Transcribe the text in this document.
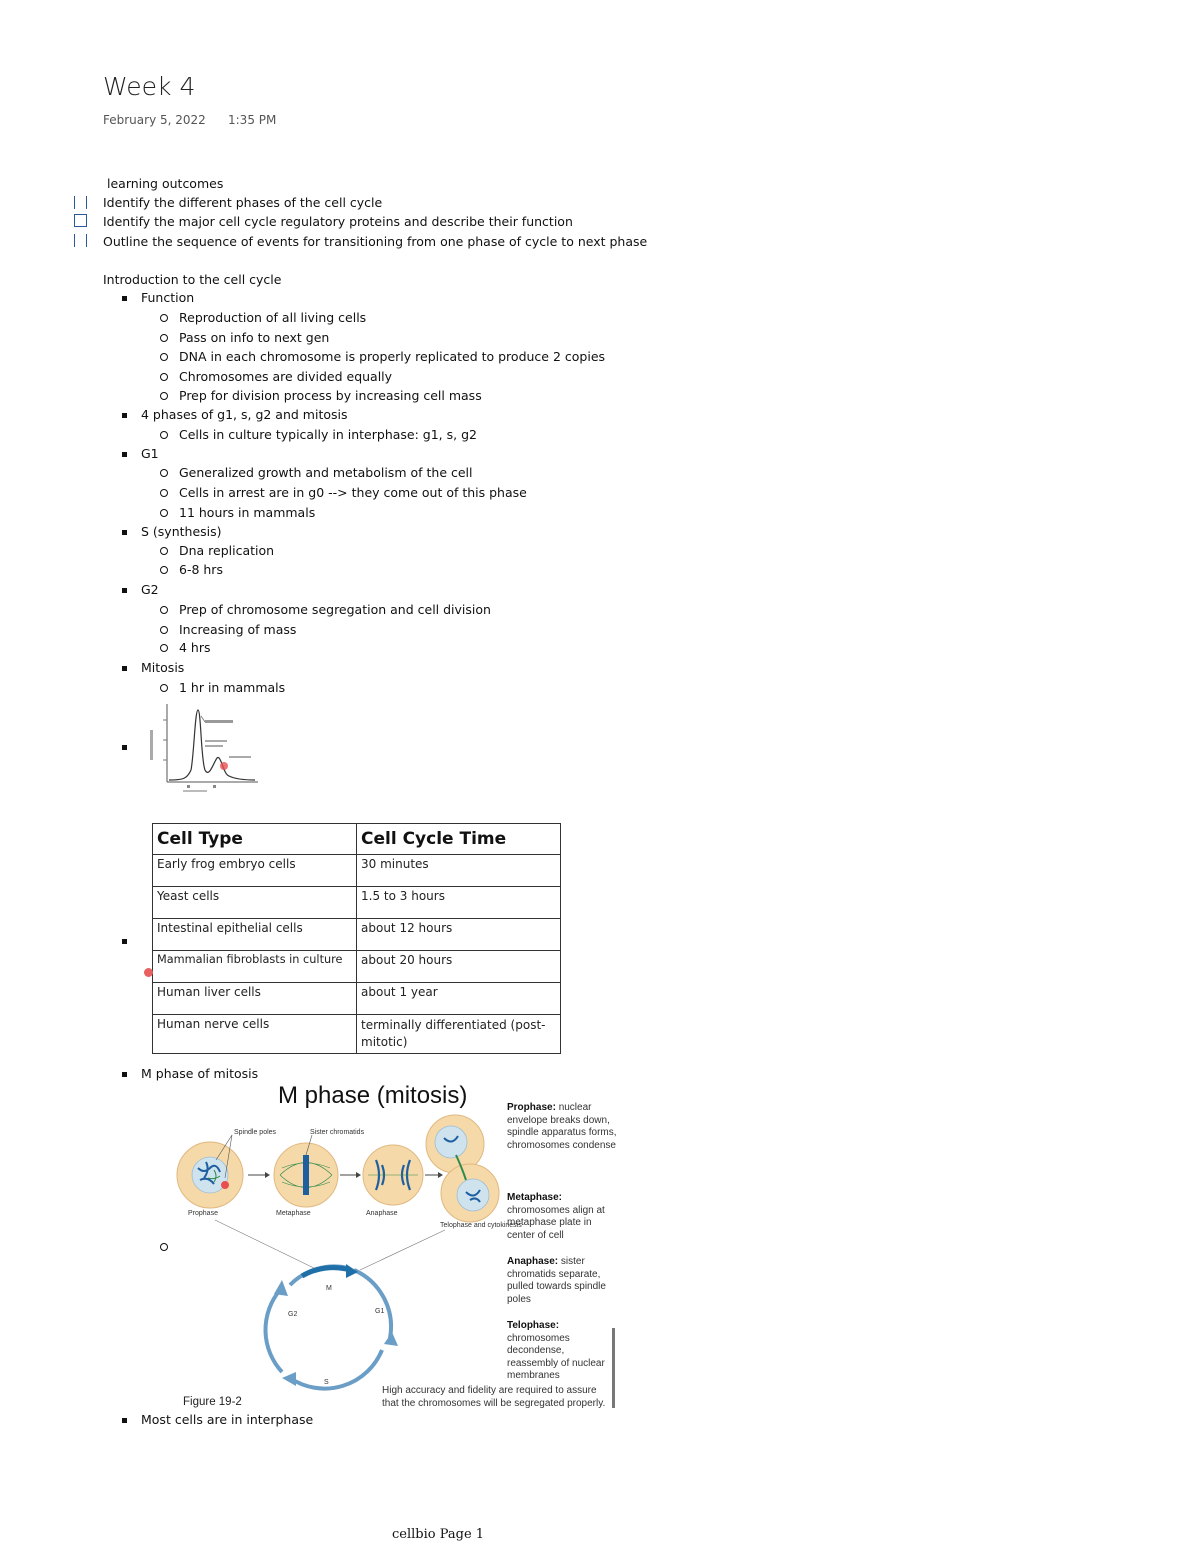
Week 4
February 5, 2022 1:35 PM
learning outcomes
Identify the different phases of the cell cycle
Identify the major cell cycle regulatory proteins and describe their function
Outline the sequence of events for transitioning from one phase of cycle to next phase
Introduction to the cell cycle
Function
Reproduction of all living cells
Pass on info to next gen
DNA in each chromosome is properly replicated to produce 2 copies
Chromosomes are divided equally
Prep for division process by increasing cell mass
4 phases of g1, s, g2 and mitosis
Cells in culture typically in interphase: g1, s, g2
G1
Generalized growth and metabolism of the cell
Cells in arrest are in g0 --> they come out of this phase
11 hours in mammals
S (synthesis)
Dna replication
6-8 hrs
G2
Prep of chromosome segregation and cell division
Increasing of mass
4 hrs
Mitosis
1 hr in mammals
Cell Type	Cell Cycle Time
Early frog embryo cells	30 minutes
Yeast cells	1.5 to 3 hours
Intestinal epithelial cells	about 12 hours
Mammalian fibroblasts in culture	about 20 hours
Human liver cells	about 1 year
Human nerve cells	terminally differentiated (post-mitotic)
M phase of mitosis
M phase (mitosis)
Prophase	Metaphase	Anaphase
Telophase and cytokinesis
Spindle poles	Sister chromatids
M
G1
G2
S
Figure 19-2
Prophase: nuclear envelope breaks down, spindle apparatus forms, chromosomes condense
Metaphase: chromosomes align at metaphase plate in center of cell
Anaphase: sister chromatids separate, pulled towards spindle poles
Telophase: chromosomes decondense, reassembly of nuclear membranes
High accuracy and fidelity are required to assure that the chromosomes will be segregated properly.
Most cells are in interphase
cellbio Page 1
